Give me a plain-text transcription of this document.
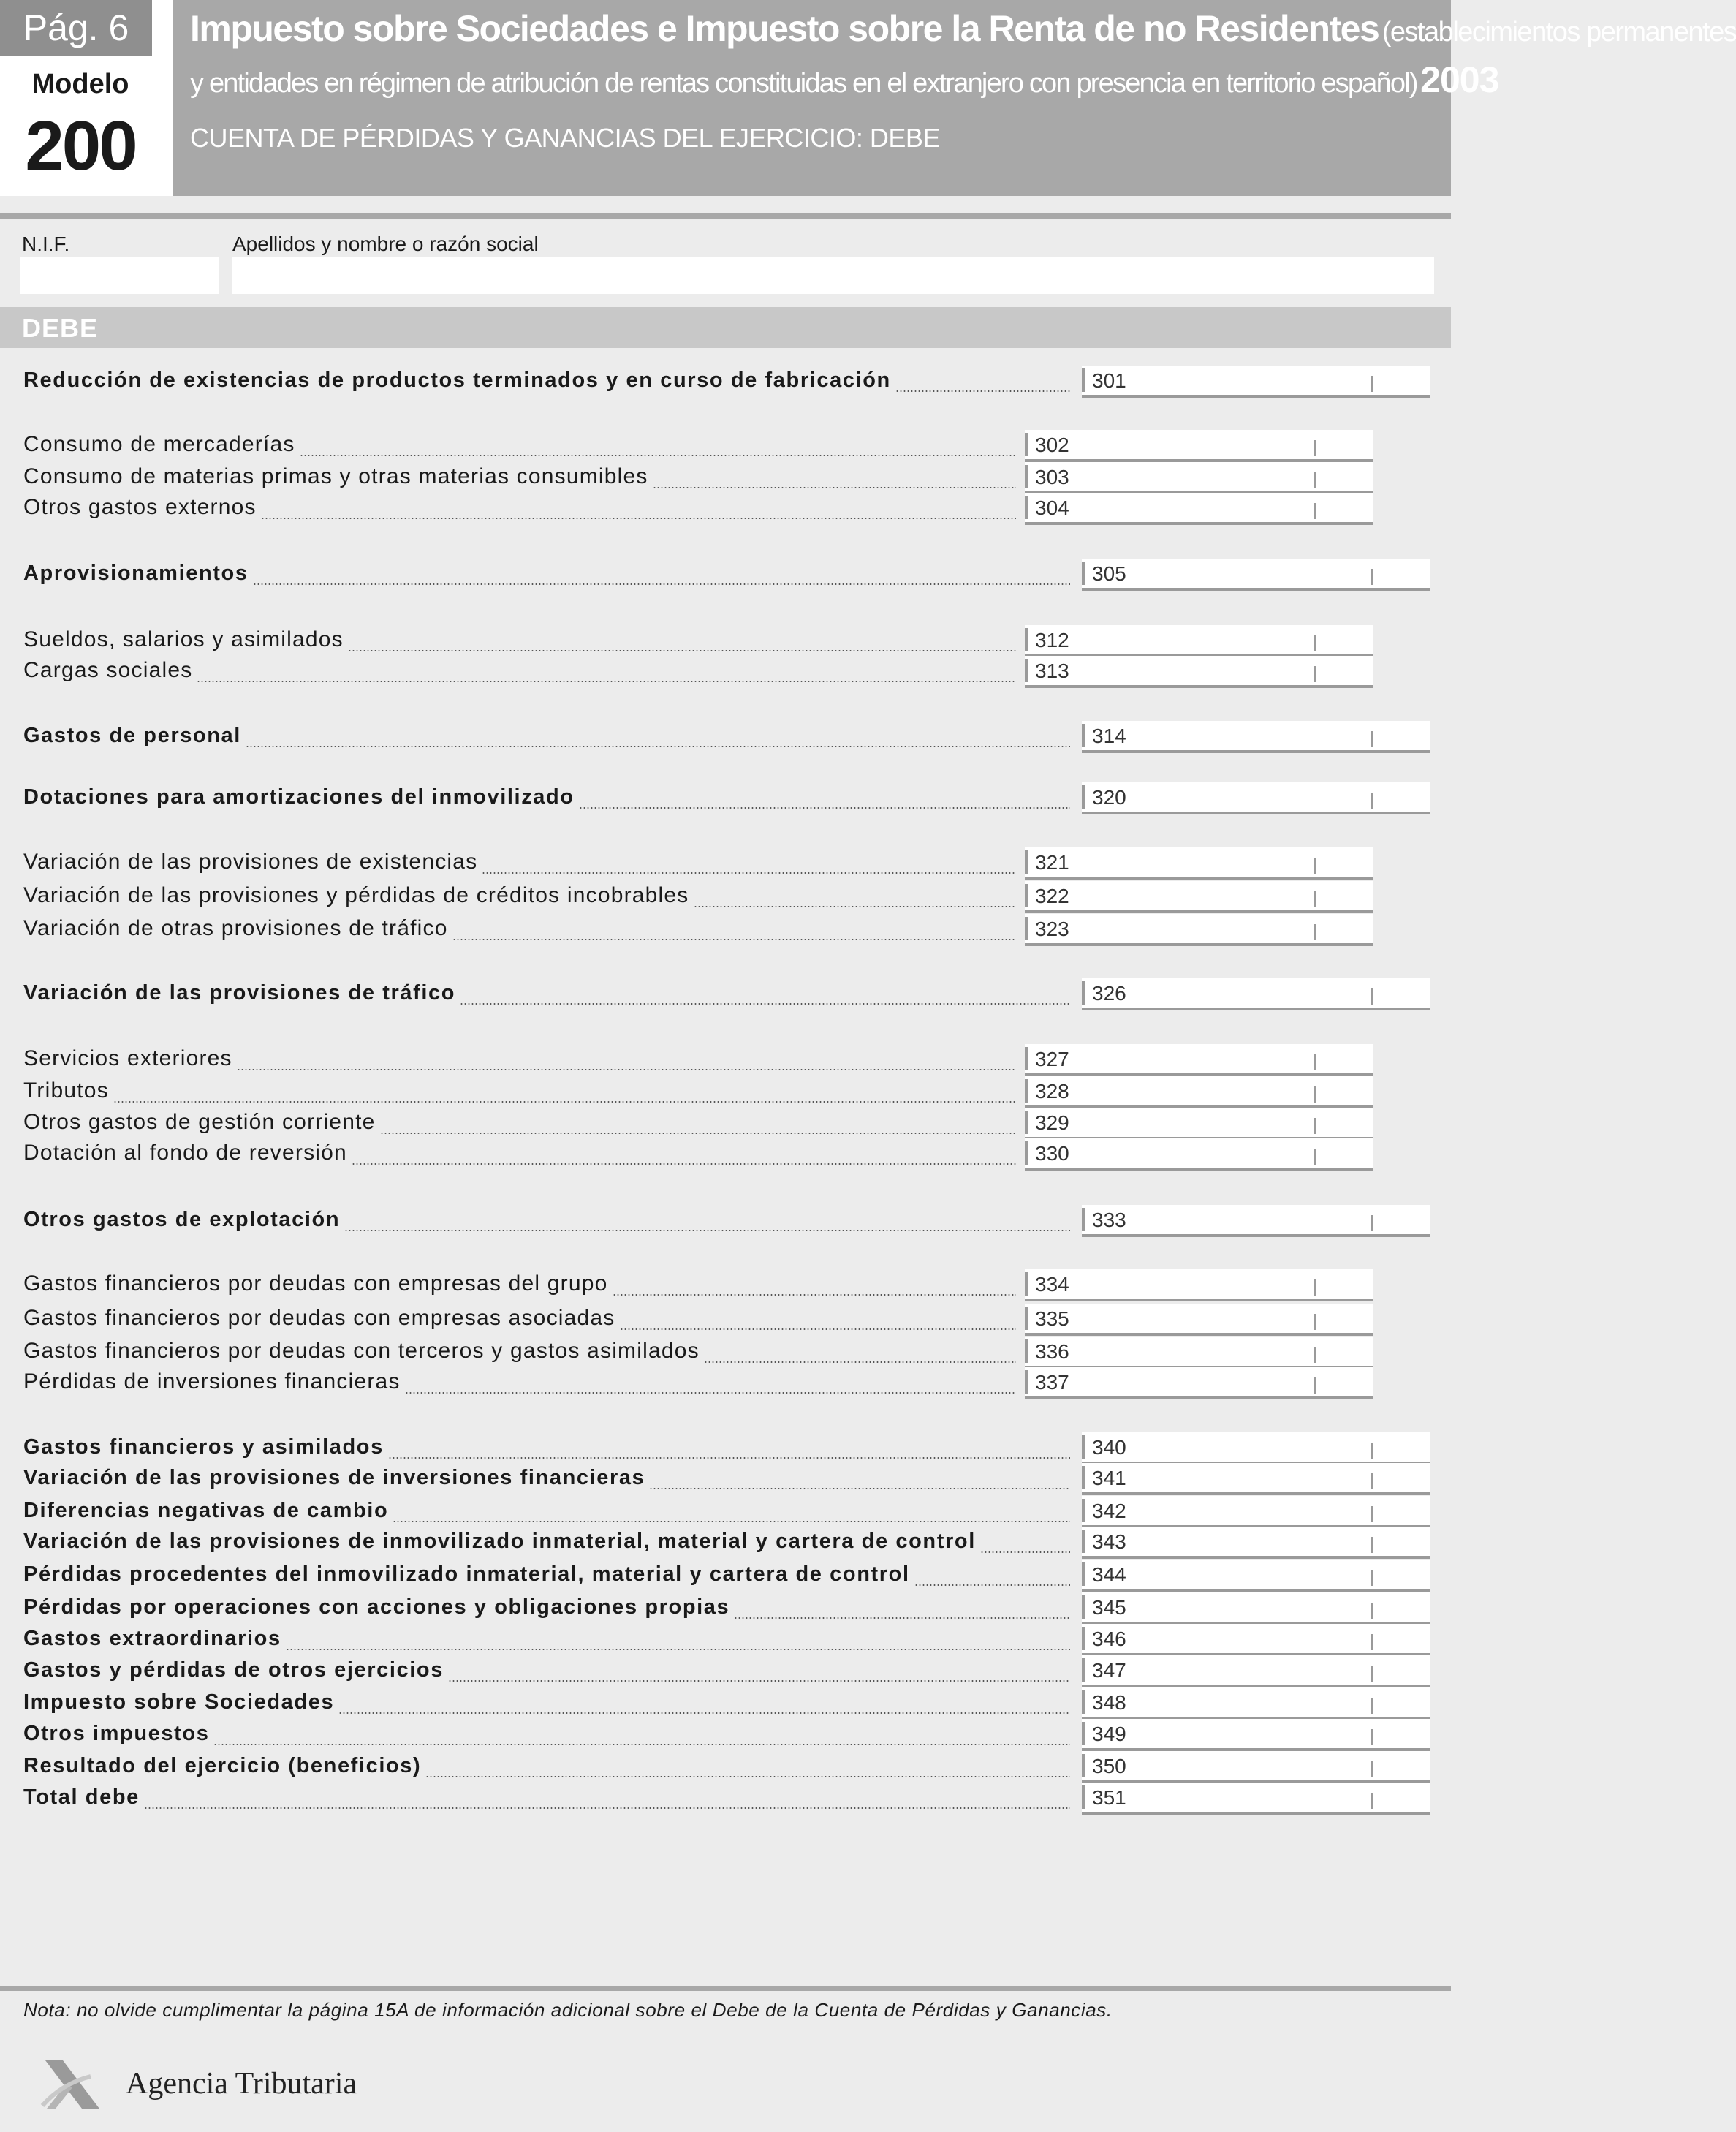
Pág. 6
Modelo
200
Impuesto sobre Sociedades e Impuesto sobre la Renta de no Residentes (establecimientos permanentes
y entidades en régimen de atribución de rentas constituidas en el extranjero con presencia en territorio español) 2003
CUENTA DE PÉRDIDAS Y GANANCIAS DEL EJERCICIO: DEBE
N.I.F.	Apellidos y nombre o razón social
DEBE
Reducción de existencias de productos terminados y en curso de fabricación	301
Consumo de mercaderías	302
Consumo de materias primas y otras materias consumibles	303
Otros gastos externos	304
Aprovisionamientos	305
Sueldos, salarios y asimilados	312
Cargas sociales	313
Gastos de personal	314
Dotaciones para amortizaciones del inmovilizado	320
Variación de las provisiones de existencias	321
Variación de las provisiones y pérdidas de créditos incobrables	322
Variación de otras provisiones de tráfico	323
Variación de las provisiones de tráfico	326
Servicios exteriores	327
Tributos	328
Otros gastos de gestión corriente	329
Dotación al fondo de reversión	330
Otros gastos de explotación	333
Gastos financieros por deudas con empresas del grupo	334
Gastos financieros por deudas con empresas asociadas	335
Gastos financieros por deudas con terceros y gastos asimilados	336
Pérdidas de inversiones financieras	337
Gastos financieros y asimilados	340
Variación de las provisiones de inversiones financieras	341
Diferencias negativas de cambio	342
Variación de las provisiones de inmovilizado inmaterial, material y cartera de control	343
Pérdidas procedentes del inmovilizado inmaterial, material y cartera de control	344
Pérdidas por operaciones con acciones y obligaciones propias	345
Gastos extraordinarios	346
Gastos y pérdidas de otros ejercicios	347
Impuesto sobre Sociedades	348
Otros impuestos	349
Resultado del ejercicio (beneficios)	350
Total debe	351
Nota: no olvide cumplimentar la página 15A de información adicional sobre el Debe de la Cuenta de Pérdidas y Ganancias.
Agencia Tributaria
